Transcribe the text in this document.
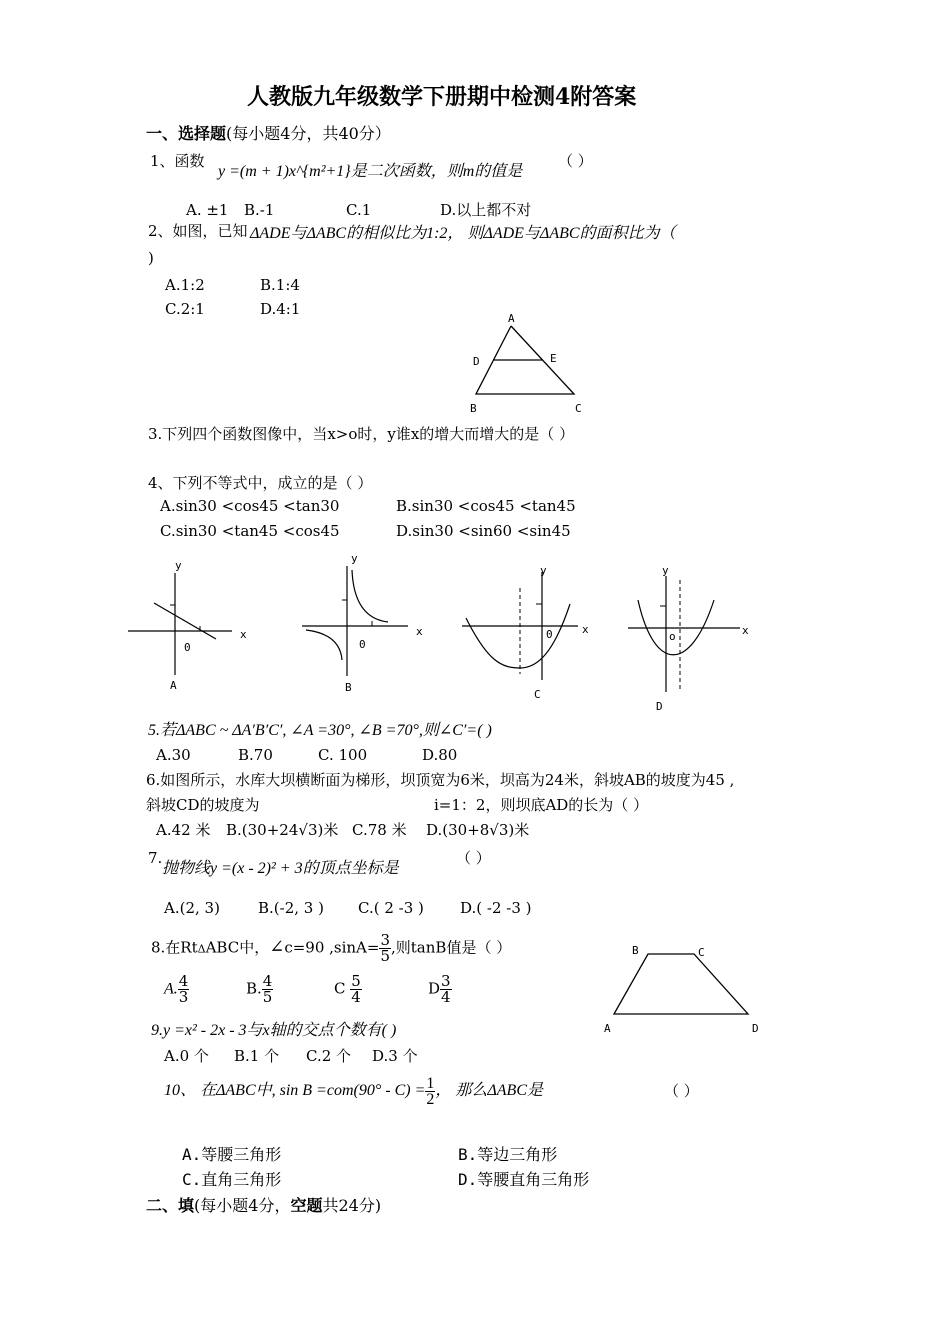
人教版九年级数学下册期中检测4附答案
一、选择题(每小题4分，共40分）
1、函数
y =(m + 1)x^{m²+1}是二次函数，则m的值是
（ ）
A. ±1 B.-1	C.1	D.以上都不对
2、如图，已知 ΔADE与ΔABC的相似比为1:2， 则ΔADE与ΔABC的面积比为（
)
A.1:2	B.1:4
C.2:1	D.4:1
A
D	E
B	C
3.下列四个函数图像中，当x>o时，y谁x的增大而增大的是（ ）
4、下列不等式中，成立的是（ ）
A.sin30 <cos45 <tan30	B.sin30 <cos45 <tan45
C.sin30 <tan45 <cos45	D.sin30 <sin60 <sin45
y
x
0
A
y
x
0
B
y
x
0
C
y
x
o
D
5.若ΔABC ~ ΔA′B′C′, ∠A =30°, ∠B =70°,则∠C′=( )
A.30	B.70	C. 100	D.80
6.如图所示，水库大坝横断面为梯形，坝顶宽为6米，坝高为24米，斜坡AB的坡度为45 ,
斜坡CD的坡度为	i=1：2，则坝底AD的长为（ ）
A.42 米 B.(30+24√3)米 C.78 米 D.(30+8√3)米
7.
抛物线y =(x - 2)² + 3的顶点坐标是
（ ）
A.(2, 3)	B.(-2, 3 ) C.( 2 -3 ) D.( -2 -3 )
8.在RtΔABC中，∠c=90 $,\sin A= \frac{3}{5}$ ,则tanB值是（ ）
A. $\frac{4}{3}$	B. $\frac{4}{5}$	C $\frac{5}{4}$	D $\frac{3}{4}$
B	C
A	D
9.y =x² - 2x - 3与x轴的交点个数有( )
A.0 个 B.1 个 C.2 个 D.3 个
10、 在ΔABC中, $\sin B =com(90^\circ - C) = \frac{1}{2}$ ， 那么ΔABC是	（ ）
A.等腰三角形	B.等边三角形
C.直角三角形	D.等腰直角三角形
二、填(每小题4分，空题共24分)
